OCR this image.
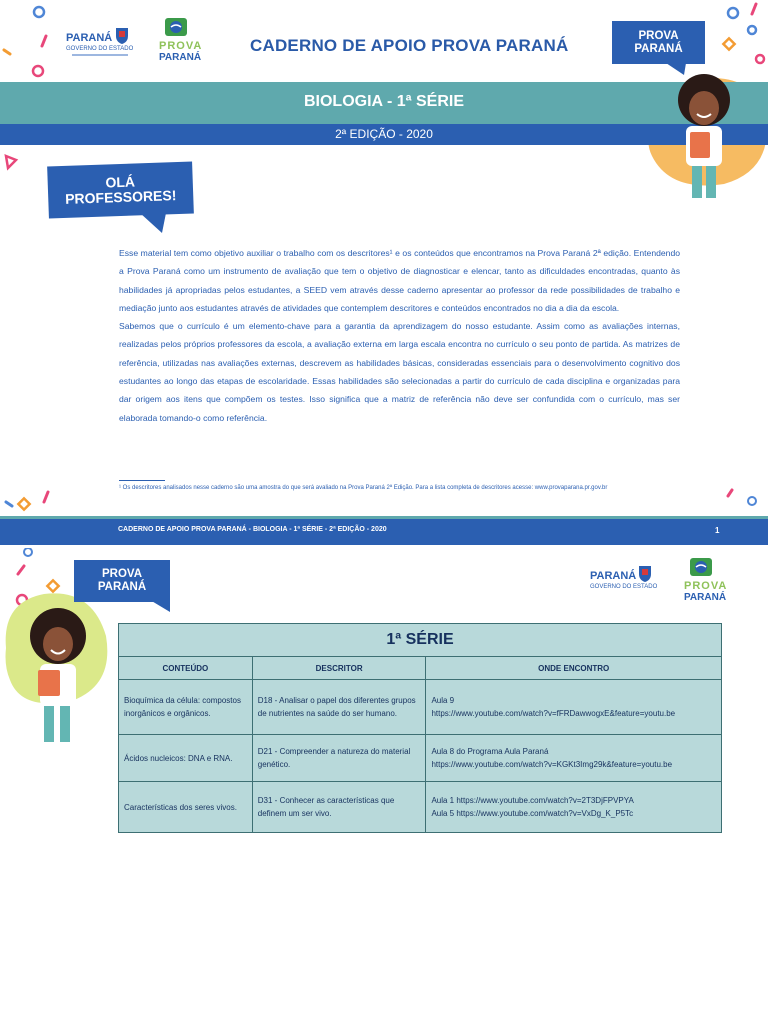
PARANÁ
GOVERNO DO ESTADO PROVA
PARANÁ
CADERNO DE APOIO PROVA PARANÁ
BIOLOGIA - 1ª SÉRIE
2ª EDIÇÃO - 2020
PROVA
PARANÁ
OLÁ
PROFESSORES!

Esse material tem como objetivo auxiliar o trabalho com os descritores¹ e os conteúdos que encontramos na Prova Paraná 2ª edição. Entendendo a Prova Paraná como um instrumento de avaliação que tem o objetivo de diagnosticar e elencar, tanto as dificuldades encontradas, quanto às habilidades já apropriadas pelos estudantes, a SEED vem através desse caderno apresentar ao professor da rede possibilidades de trabalho e mediação junto aos estudantes através de atividades que contemplem descritores e conteúdos encontrados no dia a dia da escola.

Sabemos que o currículo é um elemento-chave para a garantia da aprendizagem do nosso estudante. Assim como as avaliações internas, realizadas pelos próprios professores da escola, a avaliação externa em larga escala encontra no currículo o seu ponto de partida. As matrizes de referência, utilizadas nas avaliações externas, descrevem as habilidades básicas, consideradas essenciais para o desenvolvimento cognitivo dos estudantes ao longo das etapas de escolaridade. Essas habilidades são selecionadas a partir do currículo de cada disciplina e organizadas para dar origem aos itens que compõem os testes. Isso significa que a matriz de referência não deve ser confundida com o currículo, mas ser elaborada tomando-o como referência.

¹ Os descritores analisados nesse caderno são uma amostra do que será avaliado na Prova Paraná 2ª Edição. Para a lista completa de descritores acesse: www.provaparana.pr.gov.br
CADERNO DE APOIO PROVA PARANÁ - BIOLOGIA - 1ª SÉRIE - 2ª EDIÇÃO - 2020	1
PROVA
PARANÁ
PARANÁ
GOVERNO DO ESTADO PROVA
PARANÁ
1ª SÉRIE		
CONTEÚDO	DESCRITOR	ONDE ENCONTRO
Bioquímica da célula: compostos inorgânicos e orgânicos.	D18 - Analisar o papel dos diferentes grupos de nutrientes na saúde do ser humano.	Aula 9
https://www.youtube.com/watch?v=fFRDawwogxE&feature=youtu.be

Ácidos nucleicos: DNA e RNA.	D21 - Compreender a natureza do material genético.	Aula 8 do Programa Aula Paraná
https://www.youtube.com/watch?v=KGKt3Img29k&feature=youtu.be

Características dos seres vivos.	D31 - Conhecer as características que definem um ser vivo.	Aula 1 https://www.youtube.com/watch?v=2T3DjFPVPYA
Aula 5 https://www.youtube.com/watch?v=VxDg_K_P5Tc
